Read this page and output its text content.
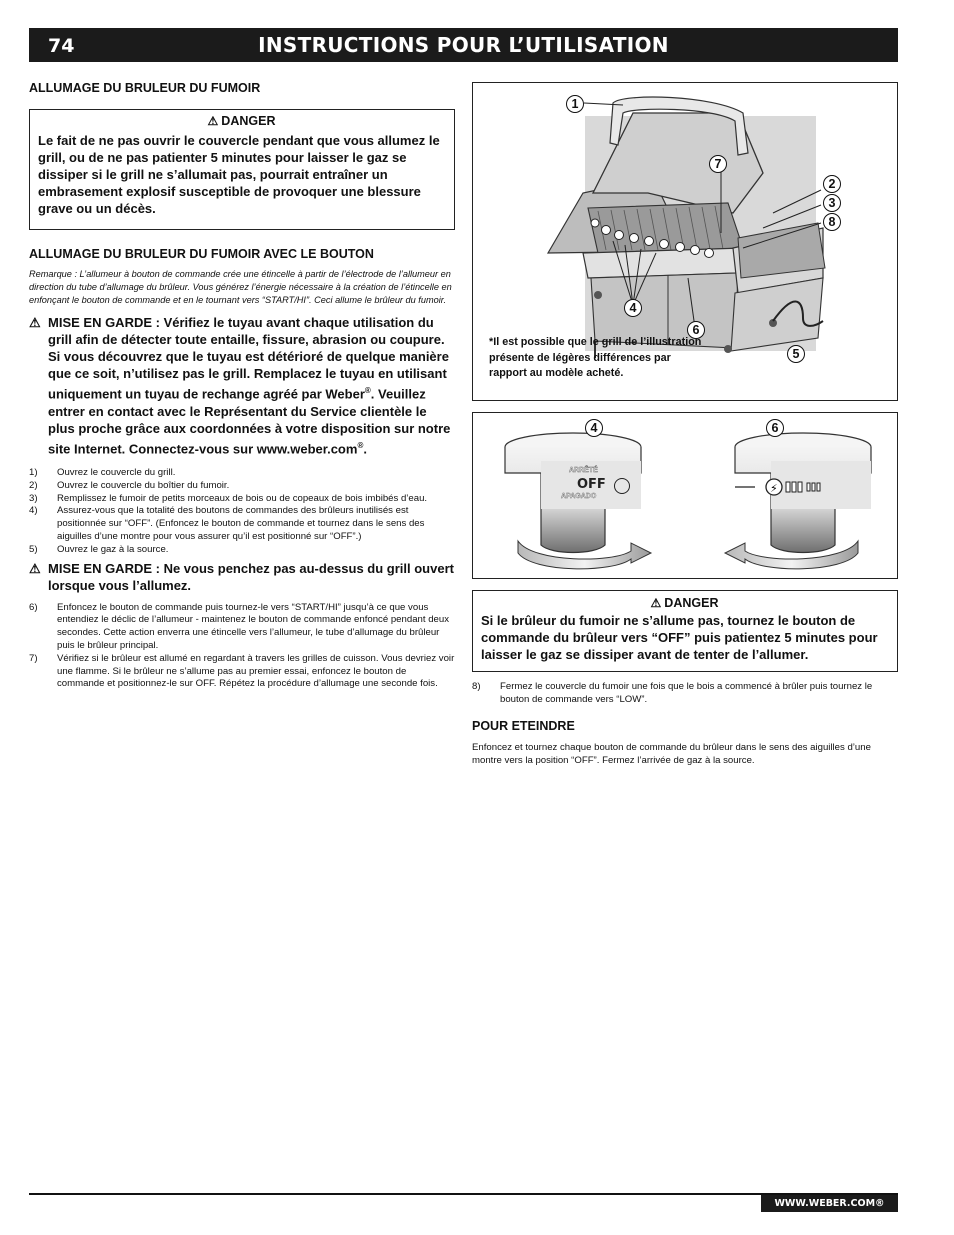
74	INSTRUCTIONS POUR L’UTILISATION
ALLUMAGE DU BRULEUR DU FUMOIR
⚠ DANGER

Le fait de ne pas ouvrir le couvercle pendant que vous allumez le grill, ou de ne pas patienter 5 minutes pour laisser le gaz se dissiper si le grill ne s’allumait pas, pourrait entraîner un embrasement explosif susceptible de provoquer une blessure grave ou un décès.

ALLUMAGE DU BRULEUR DU FUMOIR AVEC LE BOUTON

Remarque : L’allumeur à bouton de commande crée une étincelle à partir de l’électrode de l’allumeur en direction du tube d’allumage du brûleur. Vous générez l’énergie nécessaire à la création de l’étincelle en enfonçant le bouton de commande et en le tournant vers “START/HI”. Ceci allume le brûleur du fumoir.

⚠ MISE EN GARDE : Vérifiez le tuyau avant chaque utilisation du grill afin de détecter toute entaille, fissure, abrasion ou coupure. Si vous découvrez que le tuyau est détérioré de quelque manière que ce soit, n’utilisez pas le grill. Remplacez le tuyau en utilisant uniquement un tuyau de rechange agréé par Weber®. Veuillez entrer en contact avec le Représentant du Service clientèle le plus proche grâce aux coordonnées à votre disposition sur notre site Internet. Connectez-vous sur www.weber.com®.

1) Ouvrez le couvercle du grill.
2) Ouvrez le couvercle du boîtier du fumoir.
3) Remplissez le fumoir de petits morceaux de bois ou de copeaux de bois imbibés d’eau.
4) Assurez-vous que la totalité des boutons de commandes des brûleurs inutilisés est positionnée sur “OFF”. (Enfoncez le bouton de commande et tournez dans le sens des aiguilles d’une montre pour vous assurer qu’il est positionné sur “OFF”.)
5) Ouvrez le gaz à la source.

⚠ MISE EN GARDE : Ne vous penchez pas au-dessus du grill ouvert lorsque vous l’allumez.

6) Enfoncez le bouton de commande puis tournez-le vers “START/HI” jusqu’à ce que vous entendiez le déclic de l’allumeur - maintenez le bouton de commande enfoncé pendant deux secondes. Cette action enverra une étincelle vers l’allumeur, le tube d’allumage du brûleur puis le brûleur principal.
7) Vérifiez si le brûleur est allumé en regardant à travers les grilles de cuisson. Vous devriez voir une flamme. Si le brûleur ne s’allume pas au premier essai, enfoncez le bouton de commande et positionnez-le sur OFF. Répétez la procédure d’allumage une seconde fois.
1
7
2
3
8
4
6
5
*Il est possible que le grill de l’illustration présente de légères différences par rapport au modèle acheté.
⚡
4	6
ARRÊTÉ
OFF
APAGADO
⚠ DANGER

Si le brûleur du fumoir ne s’allume pas, tournez le bouton de commande du brûleur vers “OFF” puis patientez 5 minutes pour laisser le gaz se dissiper avant de tenter de l’allumer.

8) Fermez le couvercle du fumoir une fois que le bois a commencé à brûler puis tournez le bouton de commande vers “LOW”.
POUR ETEINDRE

Enfoncez et tournez chaque bouton de commande du brûleur dans le sens des aiguilles d’une montre vers la position “OFF”. Fermez l’arrivée de gaz à la source.

WWW.WEBER.COM®
